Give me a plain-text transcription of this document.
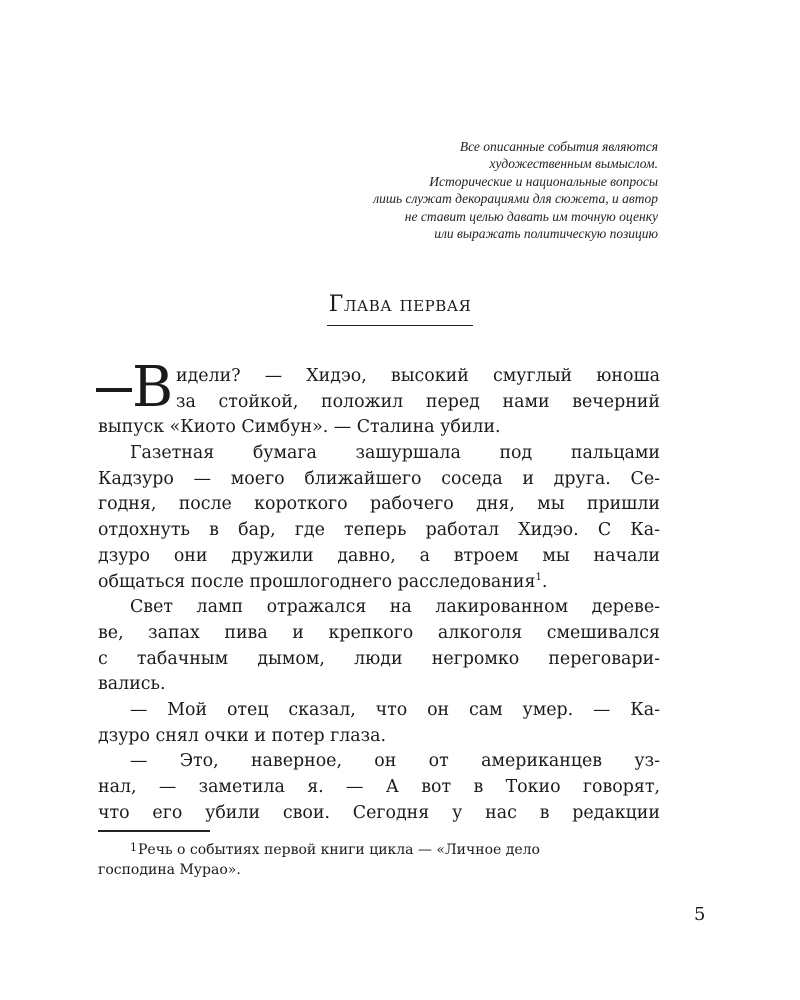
Все описанные события являются
художественным вымыслом.
Исторические и национальные вопросы
лишь служат декорациями для сюжета, и автор
не ставит целью давать им точную оценку
или выражать политическую позицию
Глава первая
В идели? — Хидэо, высокий смуглый юноша
за стойкой, положил перед нами вечерний
выпуск «Киото Симбун». — Сталина убили.
Газетная бумага зашуршала под пальцами
Кадзуро — моего ближайшего соседа и друга. Се-
годня, после короткого рабочего дня, мы пришли
отдохнуть в бар, где теперь работал Хидэо. С Ка-
дзуро они дружили давно, а втроем мы начали
общаться после прошлогоднего расследования$^1$.
Свет ламп отражался на лакированном дереве-
ве, запах пива и крепкого алкоголя смешивался
с табачным дымом, люди негромко переговари-
вались.
— Мой отец сказал, что он сам умер. — Ка-
дзуро снял очки и потер глаза.
— Это, наверное, он от американцев уз-
нал, — заметила я. — А вот в Токио говорят,
что его убили свои. Сегодня у нас в редакции
1Речь о событиях первой книги цикла — «Личное дело
господина Мурао».
5
